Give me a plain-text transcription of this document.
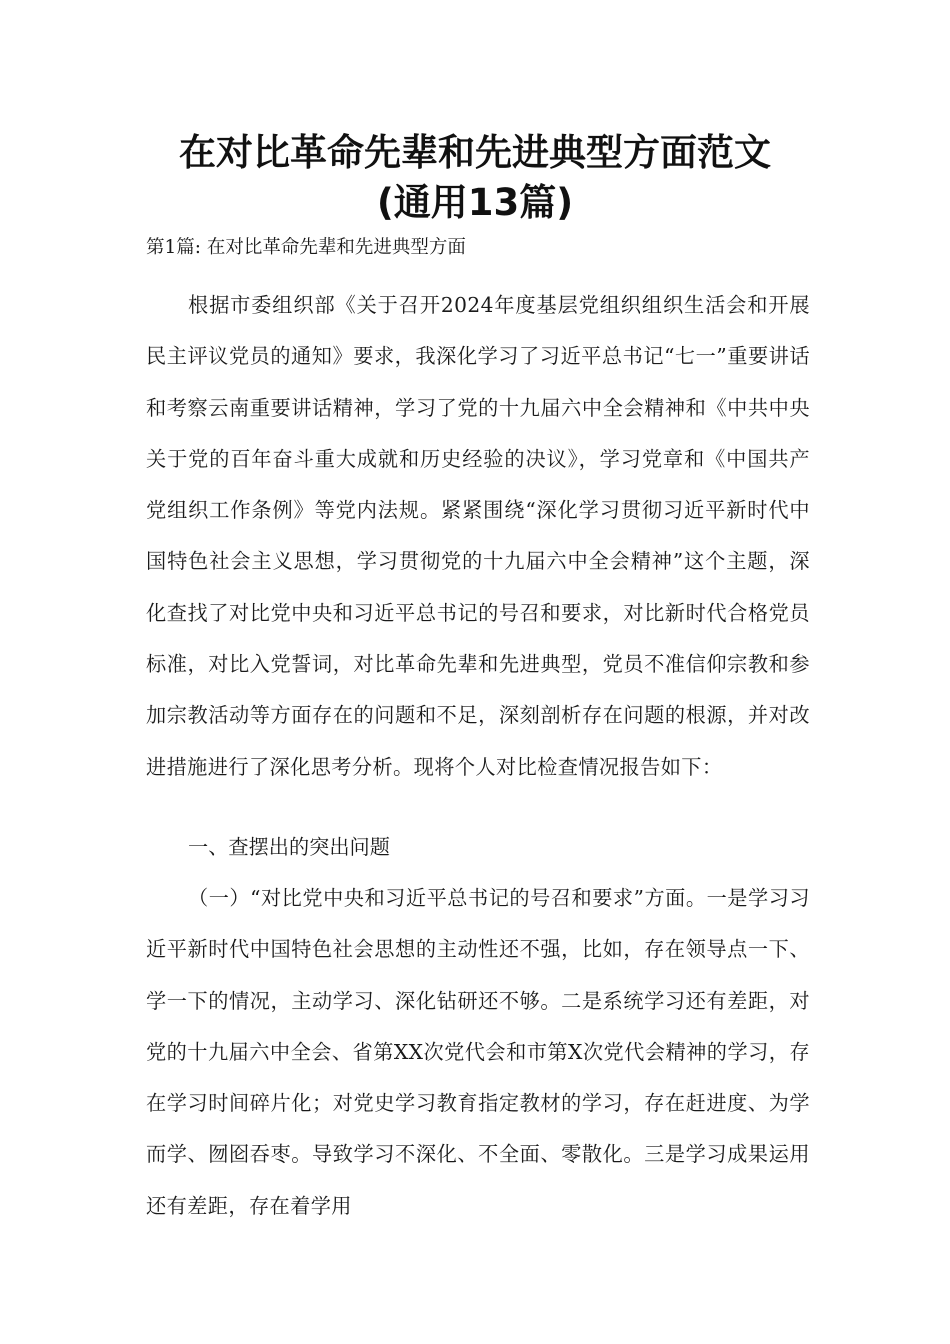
在对比革命先辈和先进典型方面范文
(通用13篇)
第1篇: 在对比革命先辈和先进典型方面

根据市委组织部《关于召开2024年度基层党组织组织生活会和开展民主评议党员的通知》要求，我深化学习了习近平总书记“七一”重要讲话和考察云南重要讲话精神，学习了党的十九届六中全会精神和《中共中央关于党的百年奋斗重大成就和历史经验的决议》，学习党章和《中国共产党组织工作条例》等党内法规。紧紧围绕“深化学习贯彻习近平新时代中国特色社会主义思想，学习贯彻党的十九届六中全会精神”这个主题，深化查找了对比党中央和习近平总书记的号召和要求，对比新时代合格党员标准，对比入党誓词，对比革命先辈和先进典型，党员不准信仰宗教和参加宗教活动等方面存在的问题和不足，深刻剖析存在问题的根源，并对改进措施进行了深化思考分析。现将个人对比检查情况报告如下：

一、查摆出的突出问题

（一）“对比党中央和习近平总书记的号召和要求”方面。一是学习习近平新时代中国特色社会思想的主动性还不强，比如，存在领导点一下、学一下的情况，主动学习、深化钻研还不够。二是系统学习还有差距，对党的十九届六中全会、省第XX次党代会和市第X次党代会精神的学习，存在学习时间碎片化；对党史学习教育指定教材的学习，存在赶进度、为学而学、囫囵吞枣。导致学习不深化、不全面、零散化。三是学习成果运用还有差距，存在着学用
